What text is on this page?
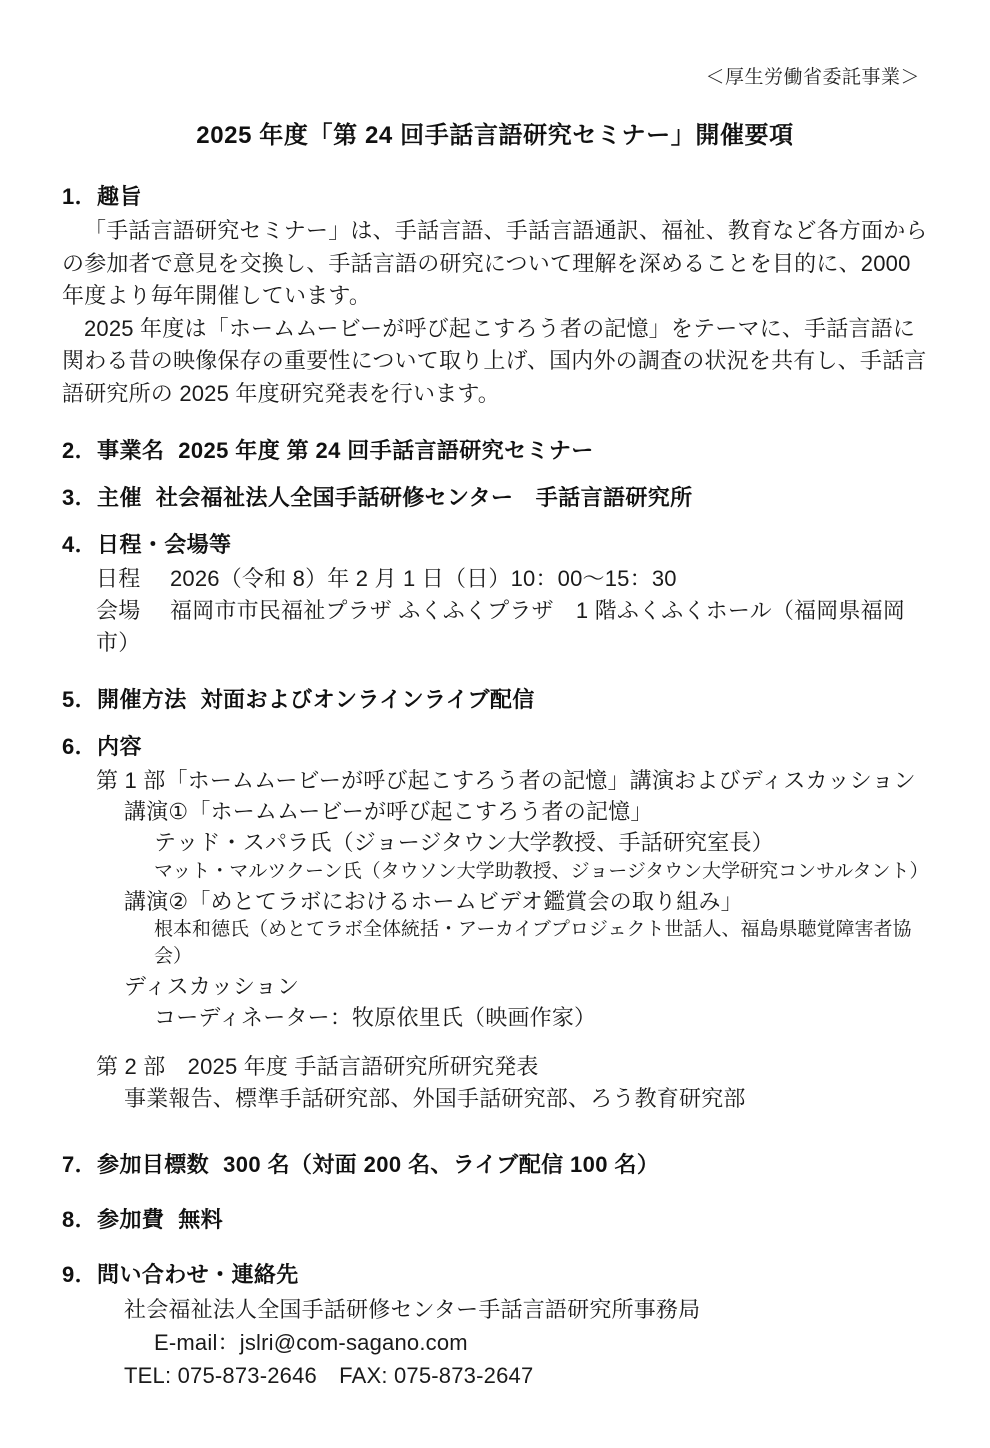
＜厚生労働省委託事業＞
2025 年度「第 24 回手話言語研究セミナー」開催要項
1．趣旨

「手話言語研究セミナー」は、手話言語、手話言語通訳、福祉、教育など各方面からの参加者で意見を交換し、手話言語の研究について理解を深めることを目的に、2000 年度より毎年開催しています。

2025 年度は「ホームムービーが呼び起こすろう者の記憶」をテーマに、手話言語に関わる昔の映像保存の重要性について取り上げ、国内外の調査の状況を共有し、手話言語研究所の 2025 年度研究発表を行います。

2．事業名 2025 年度 第 24 回手話言語研究セミナー
3．主催 社会福祉法人全国手話研修センター　手話言語研究所
4．日程・会場等
日程 2026（令和 8）年 2 月 1 日（日）10：00〜15：30
会場 福岡市市民福祉プラザ ふくふくプラザ　1 階ふくふくホール（福岡県福岡市）
5．開催方法 対面およびオンラインライブ配信
6．内容
第 1 部「ホームムービーが呼び起こすろう者の記憶」講演およびディスカッション
講演①「ホームムービーが呼び起こすろう者の記憶」
テッド・スパラ氏（ジョージタウン大学教授、手話研究室長）
マット・マルツクーン氏（タウソン大学助教授、ジョージタウン大学研究コンサルタント）
講演②「めとてラボにおけるホームビデオ鑑賞会の取り組み」
根本和德氏（めとてラボ全体統括・アーカイブプロジェクト世話人、福島県聴覚障害者協会）
ディスカッション
コーディネーター：牧原依里氏（映画作家）
第 2 部　2025 年度 手話言語研究所研究発表
事業報告、標準手話研究部、外国手話研究部、ろう教育研究部
7．参加目標数 300 名（対面 200 名、ライブ配信 100 名）
8．参加費 無料
9．問い合わせ・連絡先
社会福祉法人全国手話研修センター手話言語研究所事務局
E-mail：jslri@com-sagano.com
TEL: 075-873-2646　FAX: 075-873-2647
